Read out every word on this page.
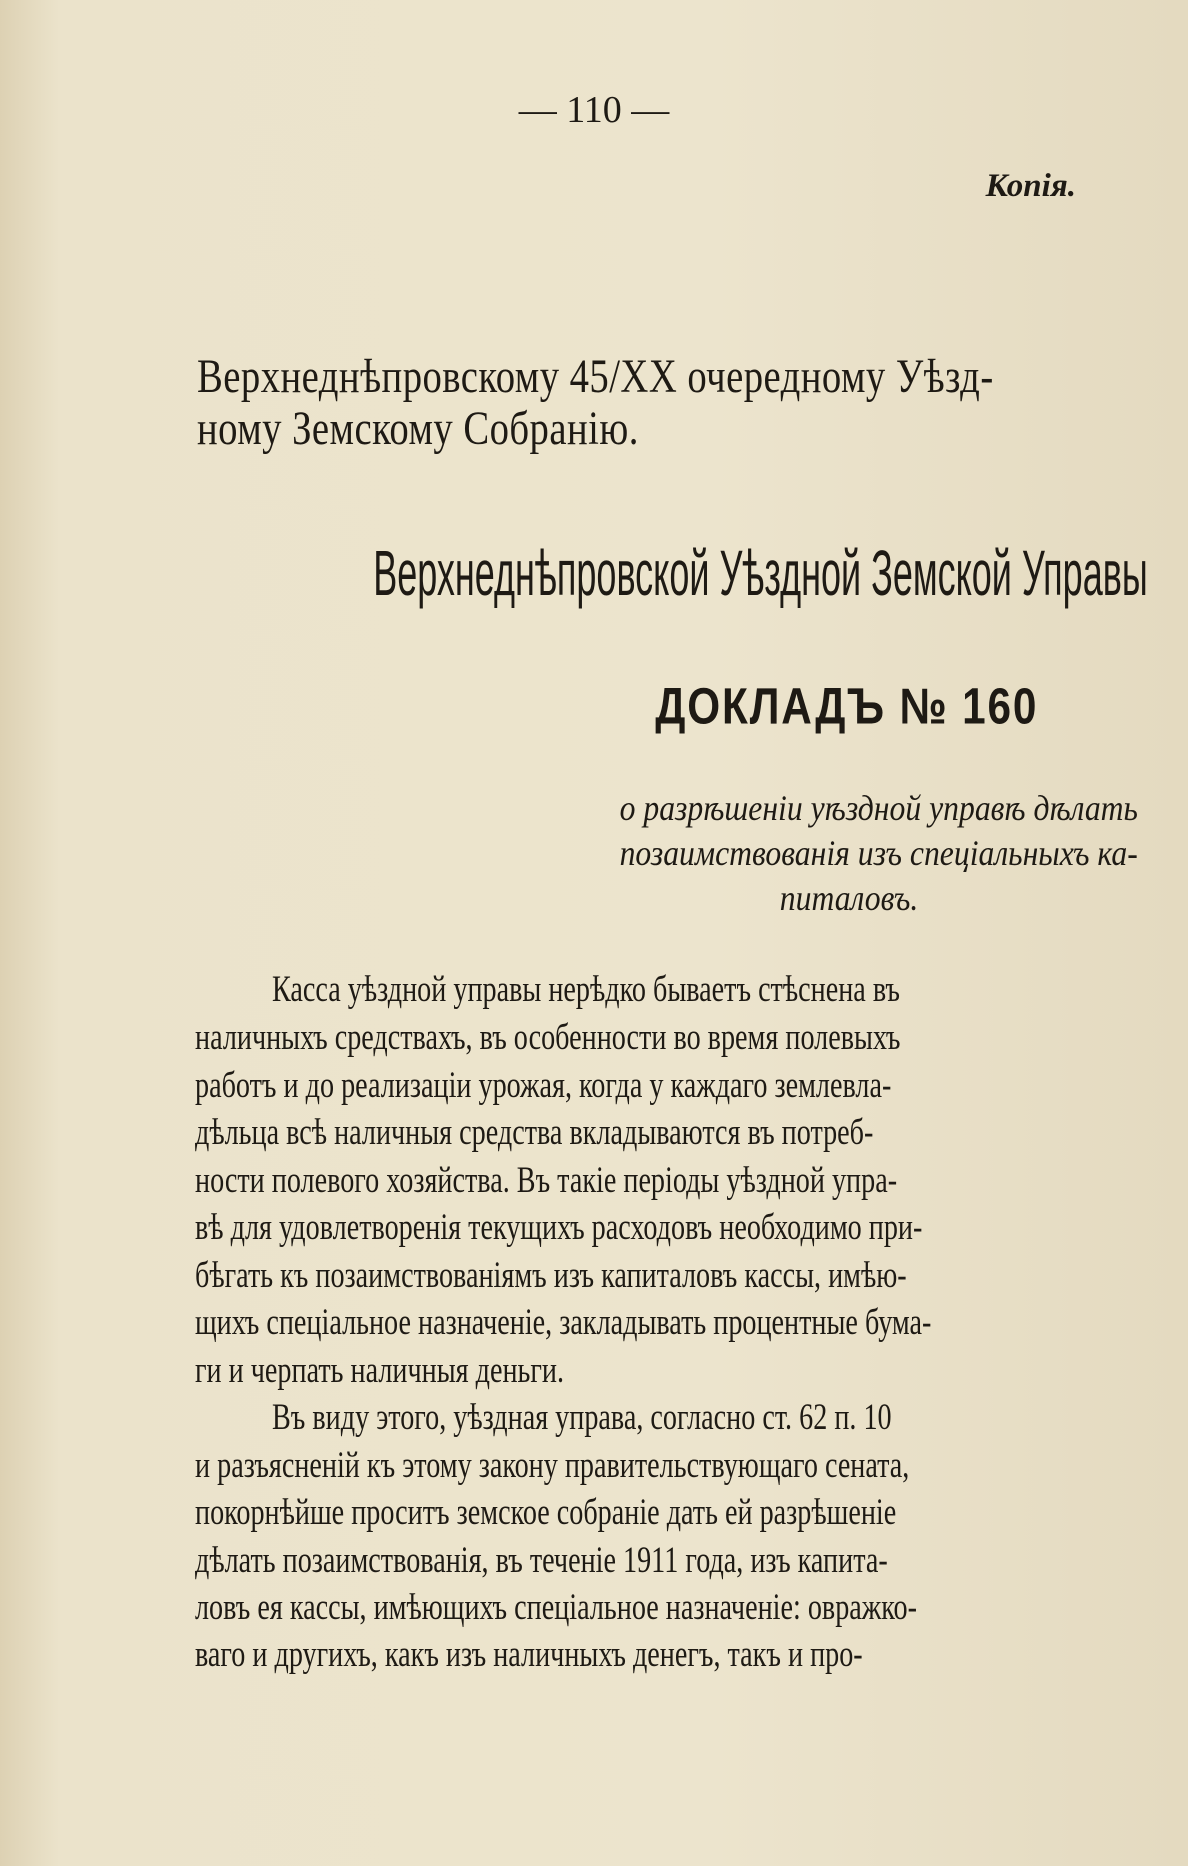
— 110 —
Копія.
Верхнеднѣпровскому 45/XX очередному Уѣзд-
ному Земскому Собранію.
Верхнеднѣпровской Уѣздной Земской Управы
ДОКЛАДЪ № 160
о разрѣшеніи уѣздной управѣ дѣлать
позаимствованія изъ спеціальныхъ ка-
питаловъ.
Касса уѣздной управы нерѣдко бываетъ стѣснена въ
наличныхъ средствахъ, въ особенности во время полевыхъ
работъ и до реализаціи урожая, когда у каждаго землевла-
дѣльца всѣ наличныя средства вкладываются въ потреб-
ности полевого хозяйства. Въ такіе періоды уѣздной упра-
вѣ для удовлетворенія текущихъ расходовъ необходимо при-
бѣгать къ позаимствованіямъ изъ капиталовъ кассы, имѣю-
щихъ спеціальное назначеніе, закладывать процентные бума-
ги и черпать наличныя деньги.
Въ виду этого, уѣздная управа, согласно ст. 62 п. 10
и разъясненій къ этому закону правительствующаго сената,
покорнѣйше проситъ земское собраніе дать ей разрѣшеніе
дѣлать позаимствованія, въ теченіе 1911 года, изъ капита-
ловъ ея кассы, имѣющихъ спеціальное назначеніе: овражко-
ваго и другихъ, какъ изъ наличныхъ денегъ, такъ и про-
